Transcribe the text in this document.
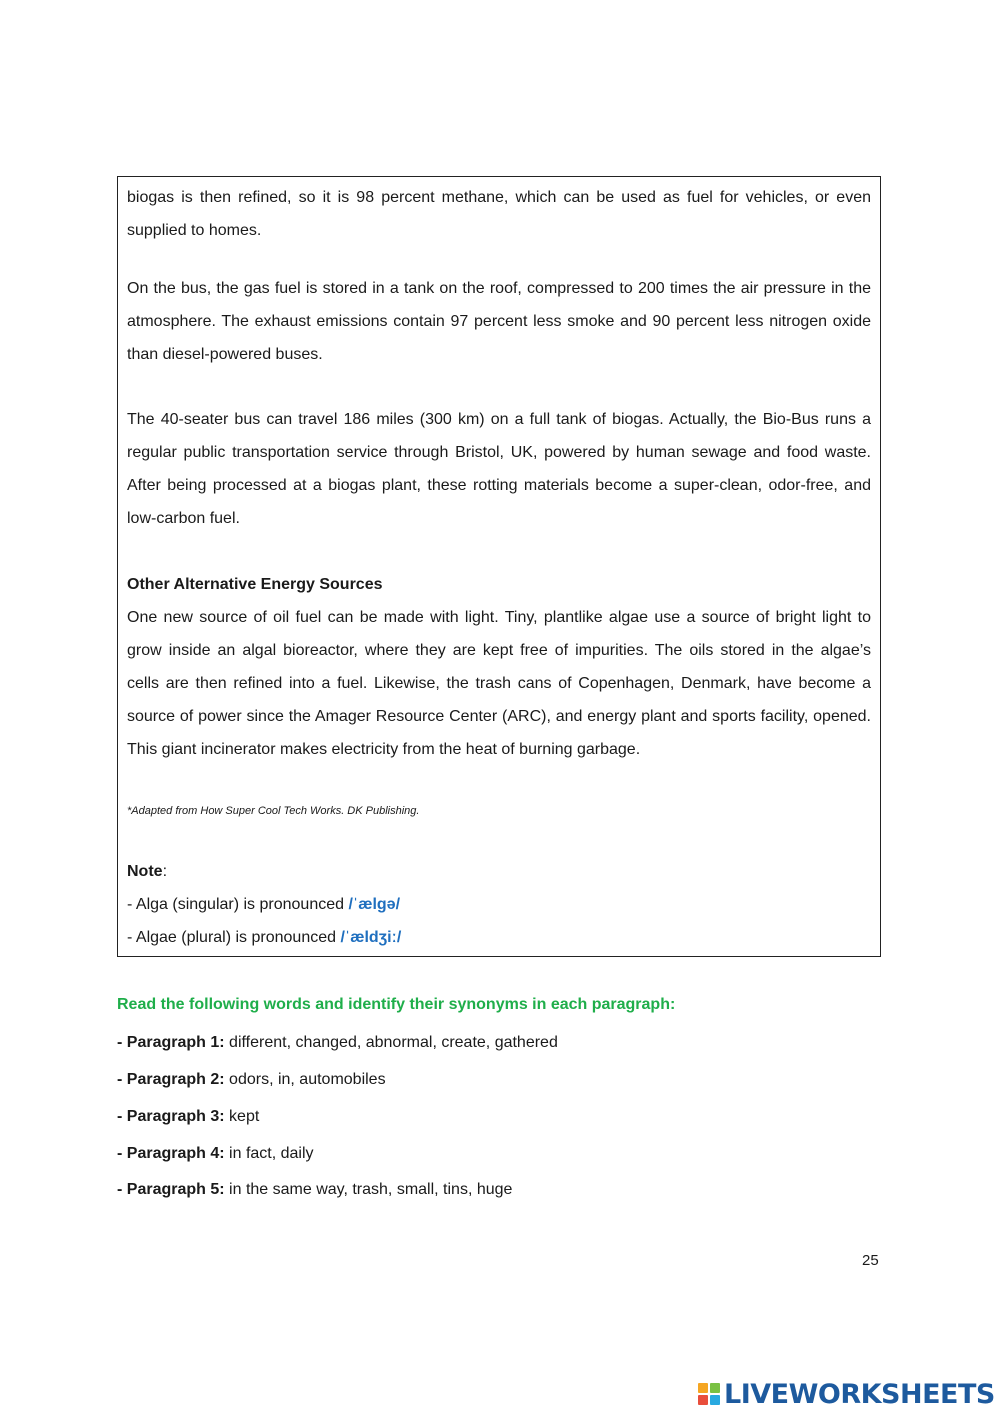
biogas is then refined, so it is 98 percent methane, which can be used as fuel for vehicles, or even
supplied to homes.

On the bus, the gas fuel is stored in a tank on the roof, compressed to 200 times the air pressure in the
atmosphere. The exhaust emissions contain 97 percent less smoke and 90 percent less nitrogen oxide
than diesel-powered buses.

The 40-seater bus can travel 186 miles (300 km) on a full tank of biogas. Actually, the Bio-Bus runs a
regular public transportation service through Bristol, UK, powered by human sewage and food waste.
After being processed at a biogas plant, these rotting materials become a super-clean, odor-free, and
low-carbon fuel.

Other Alternative Energy Sources

One new source of oil fuel can be made with light. Tiny, plantlike algae use a source of bright light to
grow inside an algal bioreactor, where they are kept free of impurities. The oils stored in the algae’s
cells are then refined into a fuel. Likewise, the trash cans of Copenhagen, Denmark, have become a
source of power since the Amager Resource Center (ARC), and energy plant and sports facility, opened.
This giant incinerator makes electricity from the heat of burning garbage.

*Adapted from How Super Cool Tech Works. DK Publishing.

Note:

- Alga (singular) is pronounced /ˈælgə/

- Algae (plural) is pronounced /ˈældʒiː/

Read the following words and identify their synonyms in each paragraph:

- Paragraph 1: different, changed, abnormal, create, gathered
- Paragraph 2: odors, in, automobiles
- Paragraph 3: kept
- Paragraph 4: in fact, daily
- Paragraph 5: in the same way, trash, small, tins, huge
25
LIVEWORKSHEETS
